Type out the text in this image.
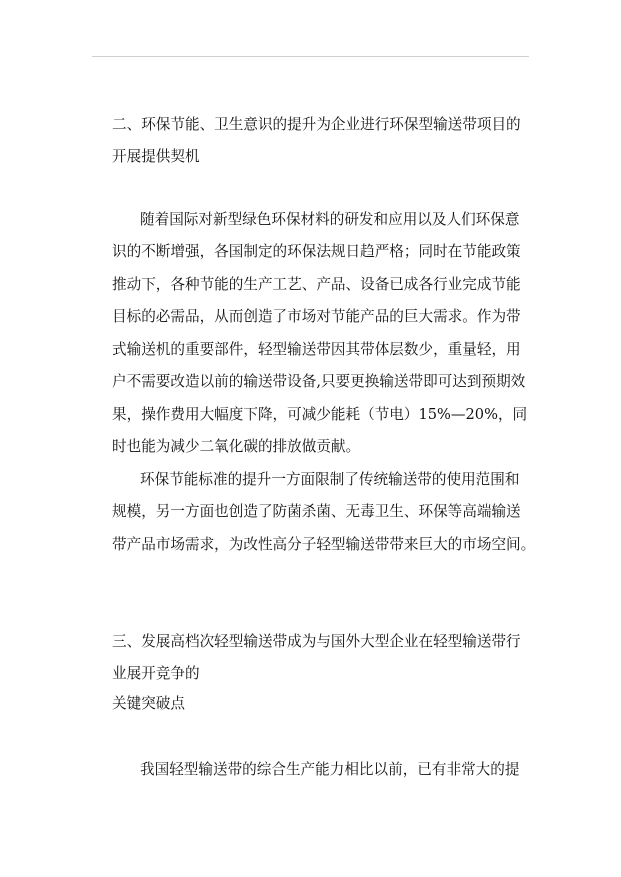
二、环保节能、卫生意识的提升为企业进行环保型输送带项目的

开展提供契机

随着国际对新型绿色环保材料的研发和应用以及人们环保意

识的不断增强，各国制定的环保法规日趋严格；同时在节能政策

推动下，各种节能的生产工艺、产品、设备已成各行业完成节能

目标的必需品，从而创造了市场对节能产品的巨大需求。作为带

式输送机的重要部件，轻型输送带因其带体层数少，重量轻，用

户不需要改造以前的输送带设备,只要更换输送带即可达到预期效

果，操作费用大幅度下降，可减少能耗（节电）15%—20%，同

时也能为减少二氧化碳的排放做贡献。

环保节能标准的提升一方面限制了传统输送带的使用范围和

规模，另一方面也创造了防菌杀菌、无毒卫生、环保等高端输送

带产品市场需求，为改性高分子轻型输送带带来巨大的市场空间。

三、发展高档次轻型输送带成为与国外大型企业在轻型输送带行

业展开竞争的

关键突破点

我国轻型输送带的综合生产能力相比以前，已有非常大的提
